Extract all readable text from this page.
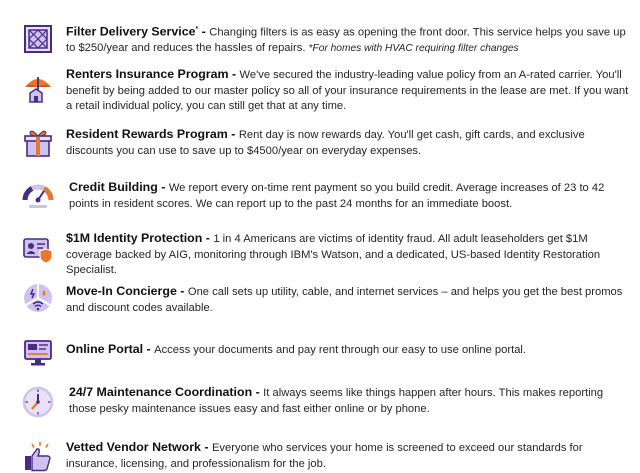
Filter Delivery Service* - Changing filters is as easy as opening the front door. This service helps you save up to $250/year and reduces the hassles of repairs. *For homes with HVAC requiring filter changes
Renters Insurance Program - We've secured the industry-leading value policy from an A-rated carrier. You'll benefit by being added to our master policy so all of your insurance requirements in the lease are met. If you want a retail individual policy, you can still get that at any time.
Resident Rewards Program - Rent day is now rewards day. You'll get cash, gift cards, and exclusive discounts you can use to save up to $4500/year on everyday expenses.
Credit Building - We report every on-time rent payment so you build credit. Average increases of 23 to 42 points in resident scores. We can report up to the past 24 months for an immediate boost.
$1M Identity Protection - 1 in 4 Americans are victims of identity fraud. All adult leaseholders get $1M coverage backed by AIG, monitoring through IBM's Watson, and a dedicated, US-based Identity Restoration Specialist.
Move-In Concierge - One call sets up utility, cable, and internet services – and helps you get the best promos and discount codes available.
Online Portal - Access your documents and pay rent through our easy to use online portal.
24/7 Maintenance Coordination - It always seems like things happen after hours. This makes reporting those pesky maintenance issues easy and fast either online or by phone.
Vetted Vendor Network - Everyone who services your home is screened to exceed our standards for insurance, licensing, and professionalism for the job.
